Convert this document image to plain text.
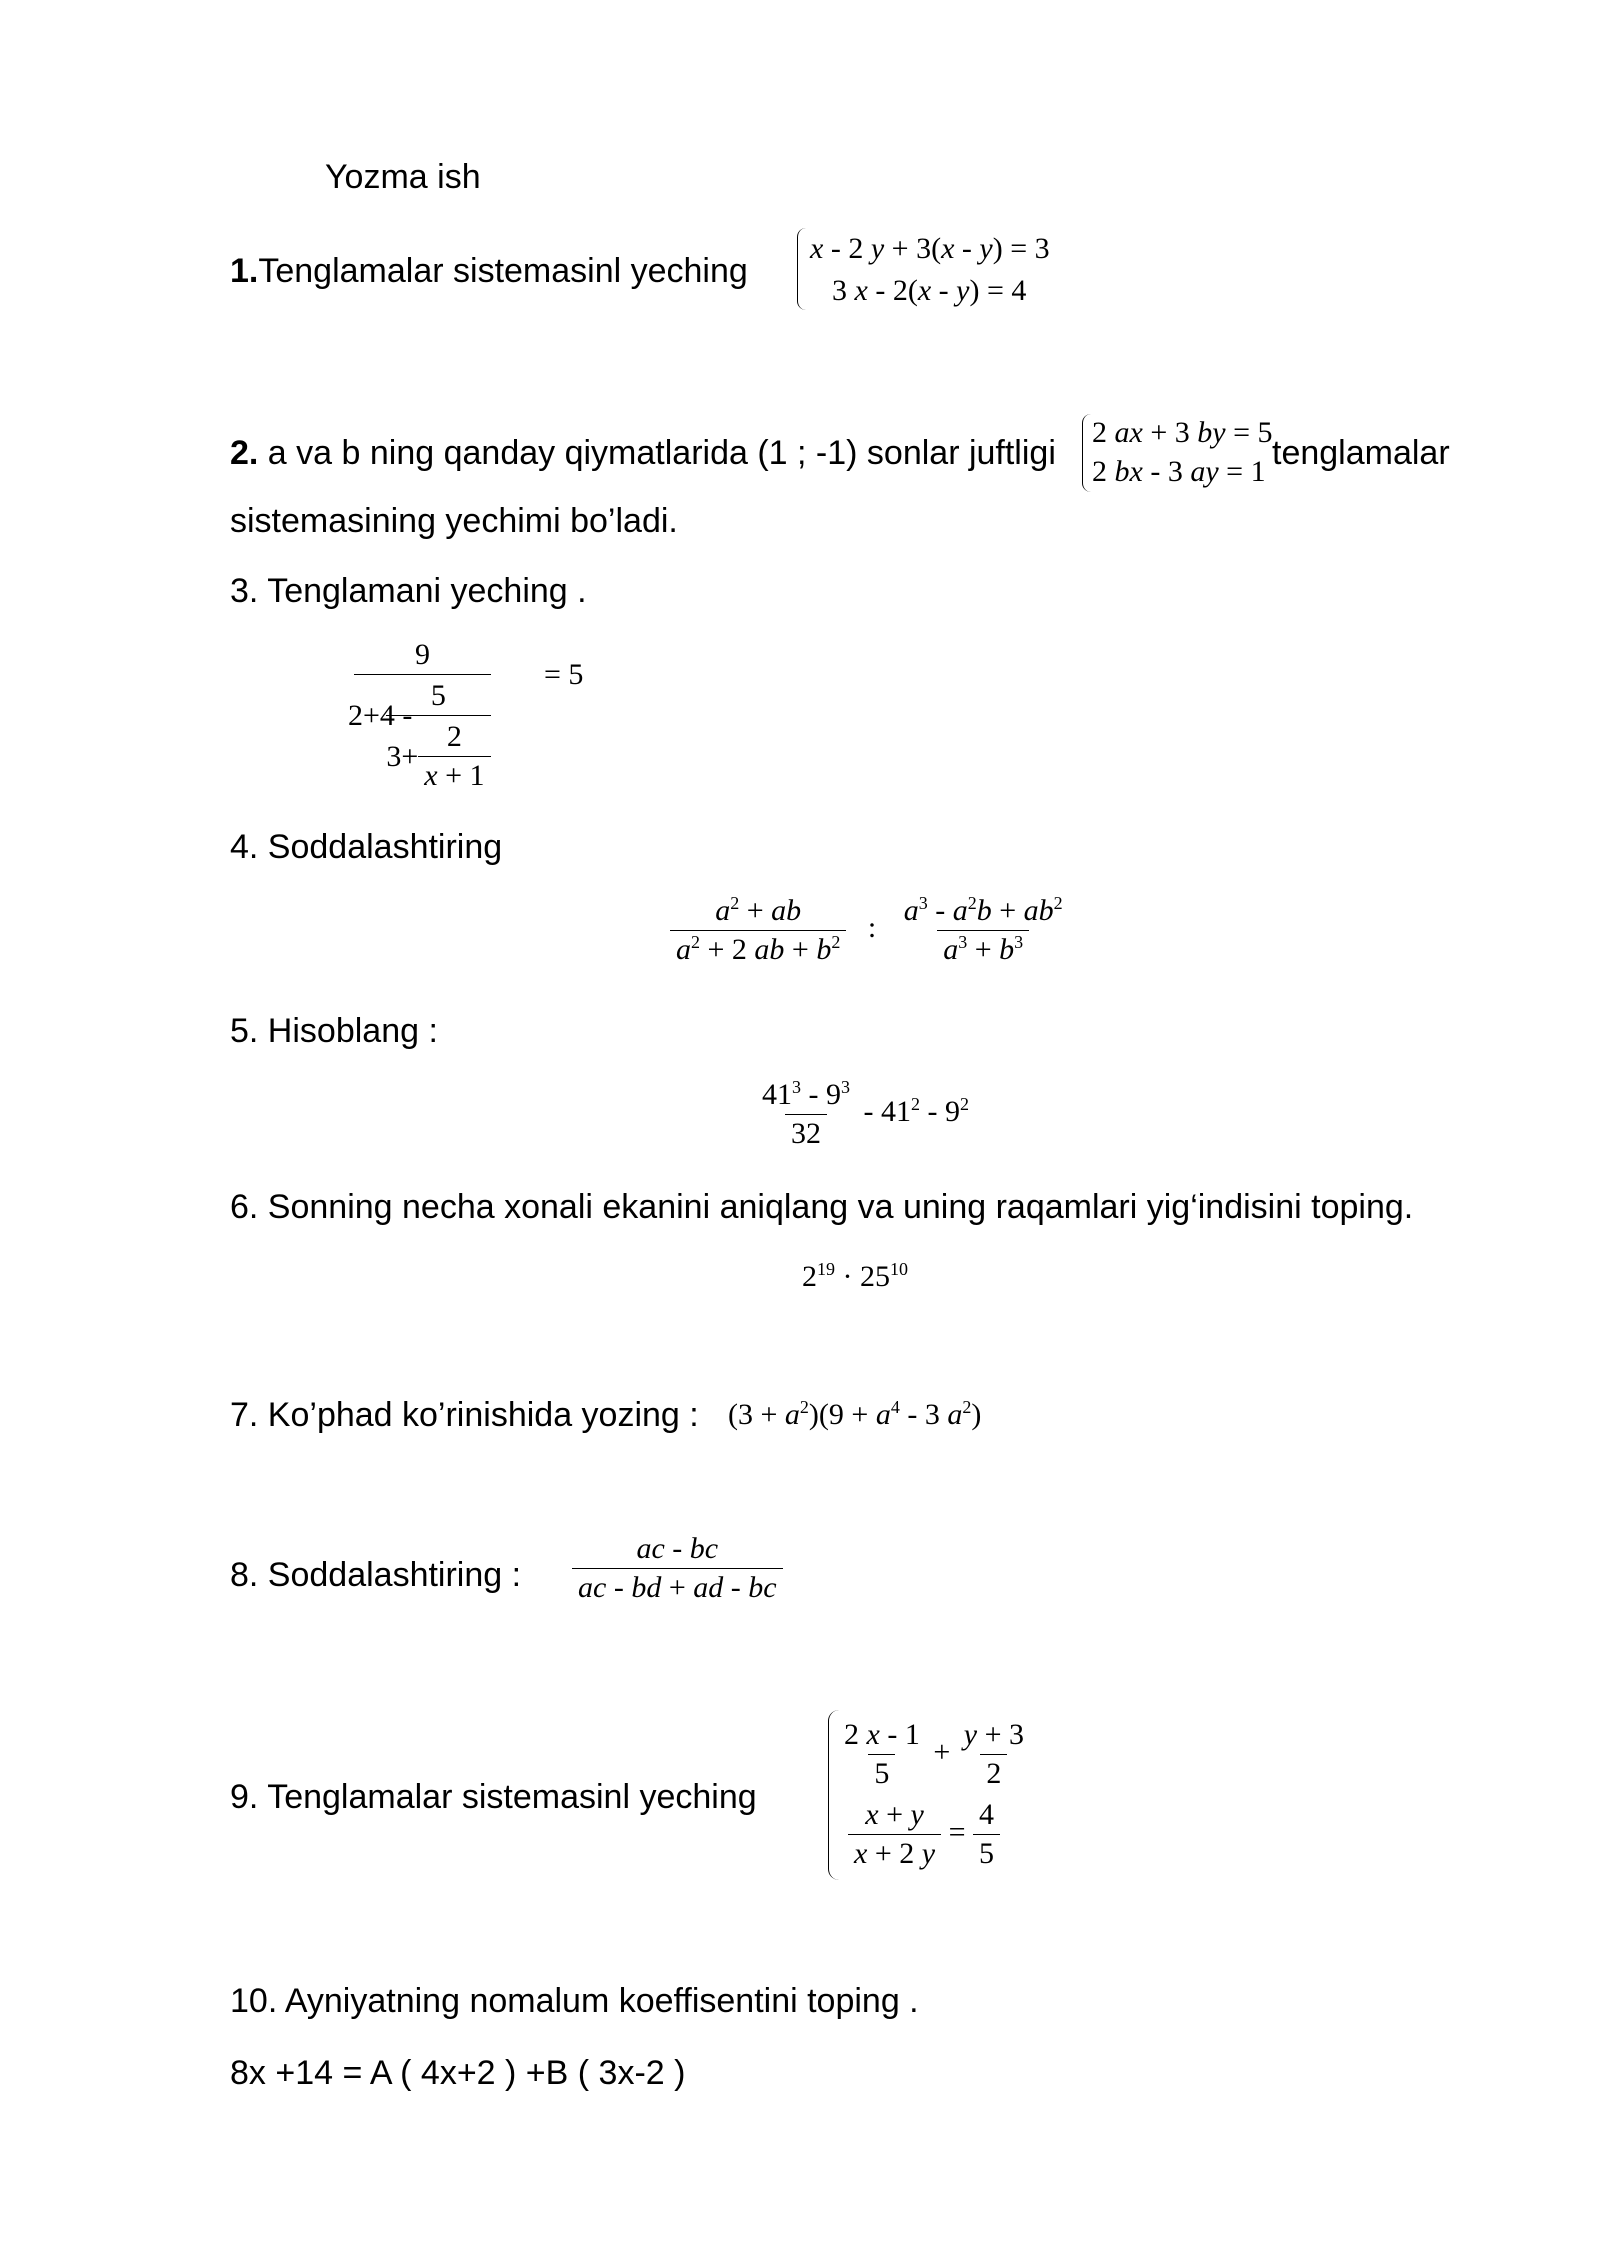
Yozma ish
1.Tenglamalar sistemasinl yeching
x - 2 y + 3(x - y) = 3
3 x - 2(x - y) = 4
2. a va b ning qanday qiymatlarida (1 ; -1) sonlar juftligi
2 ax + 3 by = 5
2 bx - 3 ay = 1 tenglamalar
sistemasining yechimi bo’ladi.
3. Tenglamani yeching .
2+4 -
9
$\frac{5}{3+ \frac{2}{x + 1}}$
= 5
4. Soddalashtiring
$\frac{a^2 + ab}{a^2 + 2 ab + b^2}$ : $\frac{a^3 - a^2b + ab^2}{a^3 + b^3}$
5. Hisoblang :
$\frac{41^3 - 9^3}{32} - 41^2 - 9^2$
6. Sonning necha xonali ekanini aniqlang va uning raqamlari yig‘indisini toping.
$2^{19} \cdot 25^{10}$
7. Ko’phad ko’rinishida yozing : $(3 + a^2)(9 + a^4 - 3$ $a^2$)
8. Soddalashtiring : $\frac{ac - bc}{ac - bd + ad - bc}$
9. Tenglamalar sistemasinl yeching
$\frac{2 x - 1}{5} + \frac{y + 3}{2}$
$\frac{x + y}{x + 2 y} = \frac{4}{5}$
10. Ayniyatning nomalum koeffisentini toping .
8x +14 = A ( 4x+2 ) +B ( 3x-2 )
